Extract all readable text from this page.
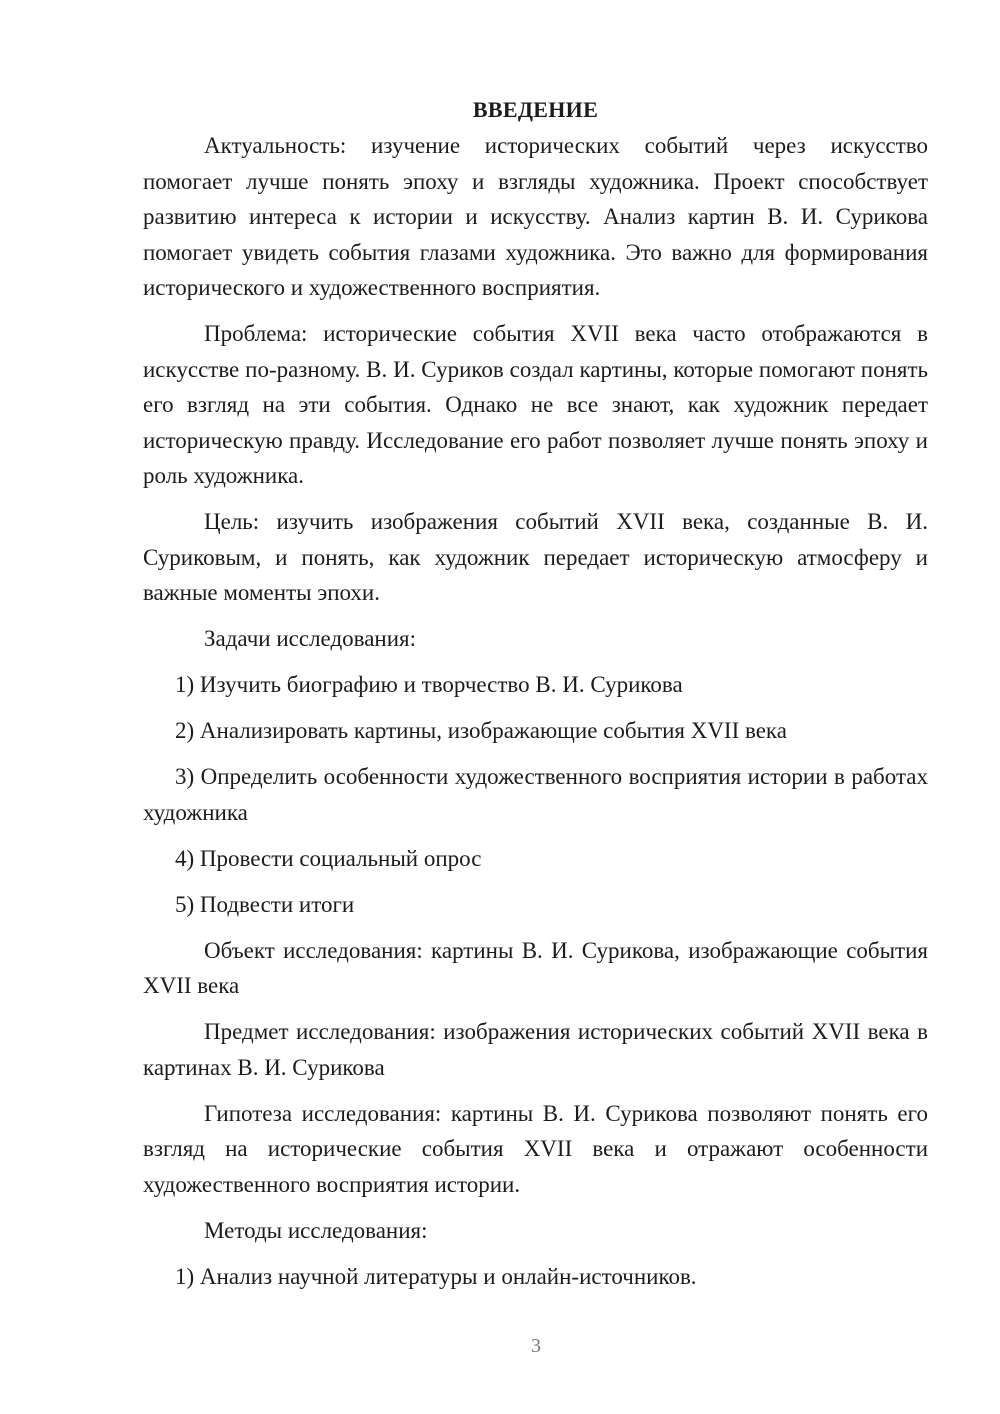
ВВЕДЕНИЕ

Актуальность: изучение исторических событий через искусство помогает лучше понять эпоху и взгляды художника. Проект способствует развитию интереса к истории и искусству. Анализ картин В. И. Сурикова помогает увидеть события глазами художника. Это важно для формирования исторического и художественного восприятия.

Проблема: исторические события XVII века часто отображаются в искусстве по-разному. В. И. Суриков создал картины, которые помогают понять его взгляд на эти события. Однако не все знают, как художник передает историческую правду. Исследование его работ позволяет лучше понять эпоху и роль художника.

Цель: изучить изображения событий XVII века, созданные В. И. Суриковым, и понять, как художник передает историческую атмосферу и важные моменты эпохи.

Задачи исследования:

1) Изучить биографию и творчество В. И. Сурикова

2) Анализировать картины, изображающие события XVII века

3) Определить особенности художественного восприятия истории в работах художника

4) Провести социальный опрос

5) Подвести итоги

Объект исследования: картины В. И. Сурикова, изображающие события XVII века

Предмет исследования: изображения исторических событий XVII века в картинах В. И. Сурикова

Гипотеза исследования: картины В. И. Сурикова позволяют понять его взгляд на исторические события XVII века и отражают особенности художественного восприятия истории.

Методы исследования:

1) Анализ научной литературы и онлайн-источников.

3
